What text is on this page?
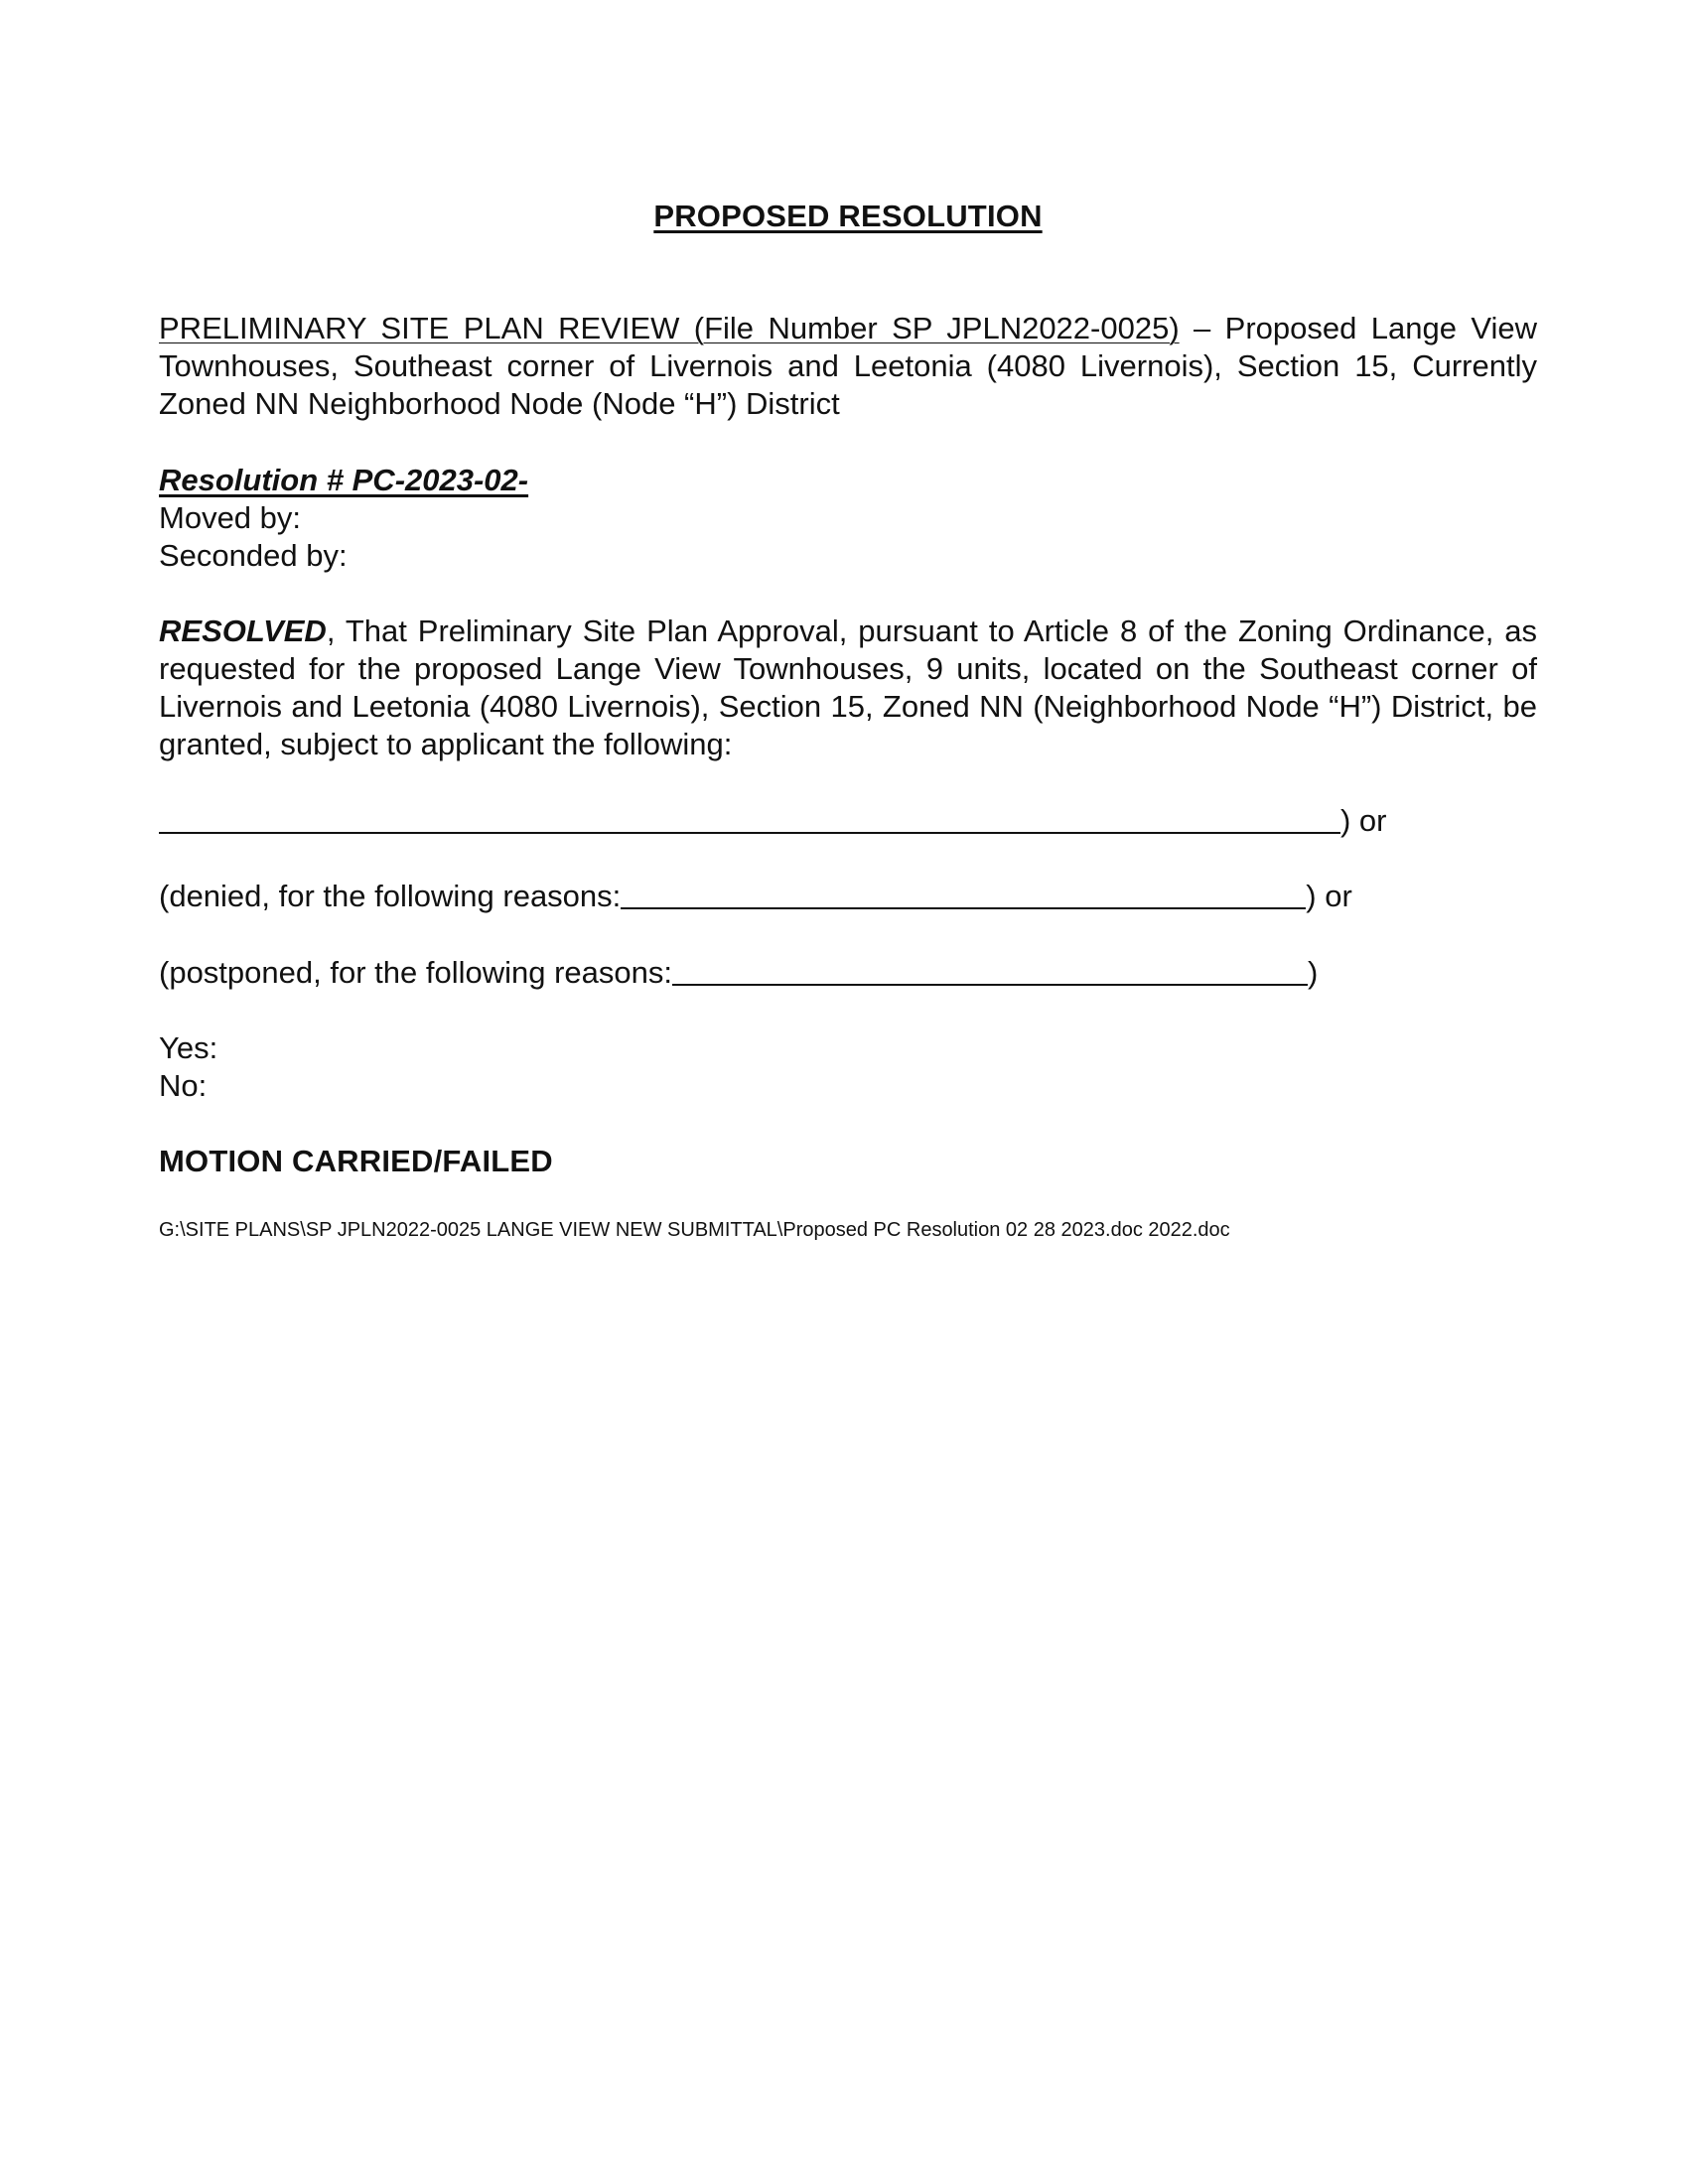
PROPOSED RESOLUTION
PRELIMINARY SITE PLAN REVIEW (File Number SP JPLN2022-0025) – Proposed Lange View Townhouses, Southeast corner of Livernois and Leetonia (4080 Livernois), Section 15, Currently Zoned NN Neighborhood Node (Node “H”) District
Resolution # PC-2023-02-
Moved by:
Seconded by:
RESOLVED, That Preliminary Site Plan Approval, pursuant to Article 8 of the Zoning Ordinance, as requested for the proposed Lange View Townhouses, 9 units, located on the Southeast corner of Livernois and Leetonia (4080 Livernois), Section 15, Zoned NN (Neighborhood Node “H”) District, be granted, subject to applicant the following:
) or
(denied, for the following reasons:	) or
(postponed, for the following reasons:	)
Yes:
No:
MOTION CARRIED/FAILED
G:\SITE PLANS\SP JPLN2022-0025 LANGE VIEW NEW SUBMITTAL\Proposed PC Resolution 02 28 2023.doc 2022.doc
